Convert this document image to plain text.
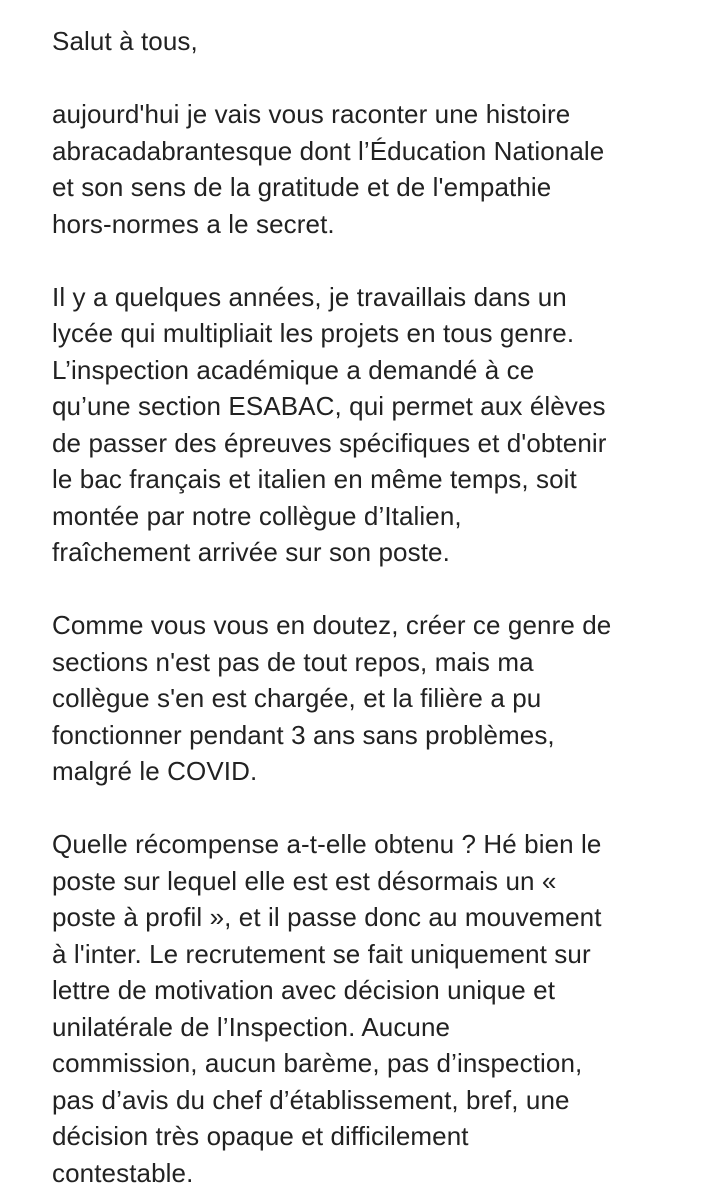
Salut à tous,
aujourd'hui je vais vous raconter une histoire
abracadabrantesque dont l’Éducation Nationale
et son sens de la gratitude et de l'empathie
hors-normes a le secret.
Il y a quelques années, je travaillais dans un
lycée qui multipliait les projets en tous genre.
L’inspection académique a demandé à ce
qu’une section ESABAC, qui permet aux élèves
de passer des épreuves spécifiques et d'obtenir
le bac français et italien en même temps, soit
montée par notre collègue d’Italien,
fraîchement arrivée sur son poste.
Comme vous vous en doutez, créer ce genre de
sections n'est pas de tout repos, mais ma
collègue s'en est chargée, et la filière a pu
fonctionner pendant 3 ans sans problèmes,
malgré le COVID.
Quelle récompense a-t-elle obtenu ? Hé bien le
poste sur lequel elle est est désormais un «
poste à profil », et il passe donc au mouvement
à l'inter. Le recrutement se fait uniquement sur
lettre de motivation avec décision unique et
unilatérale de l’Inspection. Aucune
commission, aucun barème, pas d’inspection,
pas d’avis du chef d’établissement, bref, une
décision très opaque et difficilement
contestable.
